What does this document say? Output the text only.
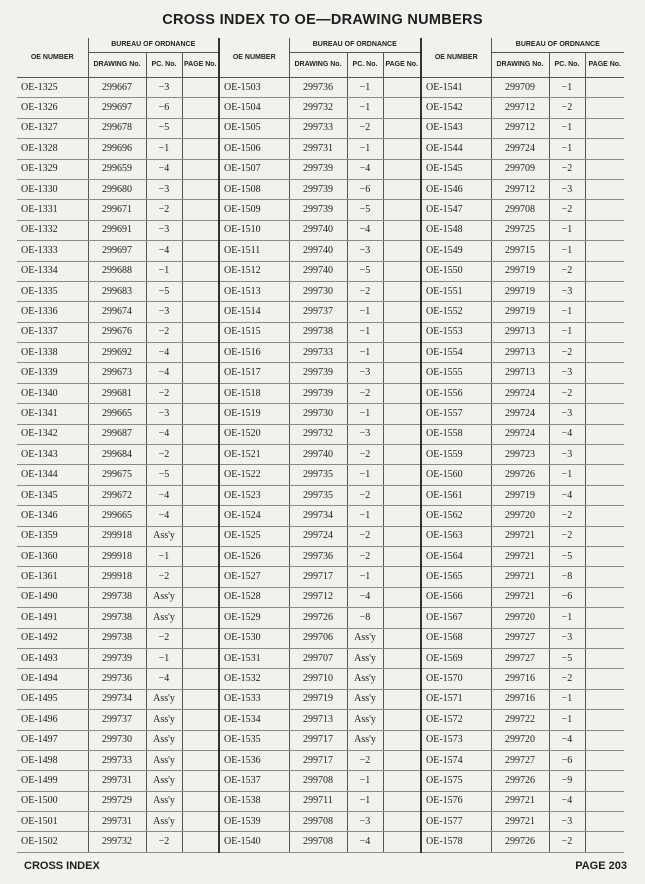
CROSS INDEX TO OE—DRAWING NUMBERS
OE NUMBER	BUREAU OF ORDNANCE			OE NUMBER	BUREAU OF ORDNANCE			OE NUMBER	BUREAU OF ORDNANCE		
	DRAWING No.	PC. No.	PAGE No.		DRAWING No.	PC. No.	PAGE No.		DRAWING No.	PC. No.	PAGE No.
OE-1325	299667	−3		OE-1503	299736	−1		OE-1541	299709	−1	
OE-1326	299697	−6		OE-1504	299732	−1		OE-1542	299712	−2	
OE-1327	299678	−5		OE-1505	299733	−2		OE-1543	299712	−1	
OE-1328	299696	−1		OE-1506	299731	−1		OE-1544	299724	−1	
OE-1329	299659	−4		OE-1507	299739	−4		OE-1545	299709	−2	
OE-1330	299680	−3		OE-1508	299739	−6		OE-1546	299712	−3	
OE-1331	299671	−2		OE-1509	299739	−5		OE-1547	299708	−2	
OE-1332	299691	−3		OE-1510	299740	−4		OE-1548	299725	−1	
OE-1333	299697	−4		OE-1511	299740	−3		OE-1549	299715	−1	
OE-1334	299688	−1		OE-1512	299740	−5		OE-1550	299719	−2	
OE-1335	299683	−5		OE-1513	299730	−2		OE-1551	299719	−3	
OE-1336	299674	−3		OE-1514	299737	−1		OE-1552	299719	−1	
OE-1337	299676	−2		OE-1515	299738	−1		OE-1553	299713	−1	
OE-1338	299692	−4		OE-1516	299733	−1		OE-1554	299713	−2	
OE-1339	299673	−4		OE-1517	299739	−3		OE-1555	299713	−3	
OE-1340	299681	−2		OE-1518	299739	−2		OE-1556	299724	−2	
OE-1341	299665	−3		OE-1519	299730	−1		OE-1557	299724	−3	
OE-1342	299687	−4		OE-1520	299732	−3		OE-1558	299724	−4	
OE-1343	299684	−2		OE-1521	299740	−2		OE-1559	299723	−3	
OE-1344	299675	−5		OE-1522	299735	−1		OE-1560	299726	−1	
OE-1345	299672	−4		OE-1523	299735	−2		OE-1561	299719	−4	
OE-1346	299665	−4		OE-1524	299734	−1		OE-1562	299720	−2	
OE-1359	299918	Ass'y		OE-1525	299724	−2		OE-1563	299721	−2	
OE-1360	299918	−1		OE-1526	299736	−2		OE-1564	299721	−5	
OE-1361	299918	−2		OE-1527	299717	−1		OE-1565	299721	−8	
OE-1490	299738	Ass'y		OE-1528	299712	−4		OE-1566	299721	−6	
OE-1491	299738	Ass'y		OE-1529	299726	−8		OE-1567	299720	−1	
OE-1492	299738	−2		OE-1530	299706	Ass'y		OE-1568	299727	−3	
OE-1493	299739	−1		OE-1531	299707	Ass'y		OE-1569	299727	−5	
OE-1494	299736	−4		OE-1532	299710	Ass'y		OE-1570	299716	−2	
OE-1495	299734	Ass'y		OE-1533	299719	Ass'y		OE-1571	299716	−1	
OE-1496	299737	Ass'y		OE-1534	299713	Ass'y		OE-1572	299722	−1	
OE-1497	299730	Ass'y		OE-1535	299717	Ass'y		OE-1573	299720	−4	
OE-1498	299733	Ass'y		OE-1536	299717	−2		OE-1574	299727	−6	
OE-1499	299731	Ass'y		OE-1537	299708	−1		OE-1575	299726	−9	
OE-1500	299729	Ass'y		OE-1538	299711	−1		OE-1576	299721	−4	
OE-1501	299731	Ass'y		OE-1539	299708	−3		OE-1577	299721	−3	
OE-1502	299732	−2		OE-1540	299708	−4		OE-1578	299726	−2	
CROSS INDEX	PAGE 203
